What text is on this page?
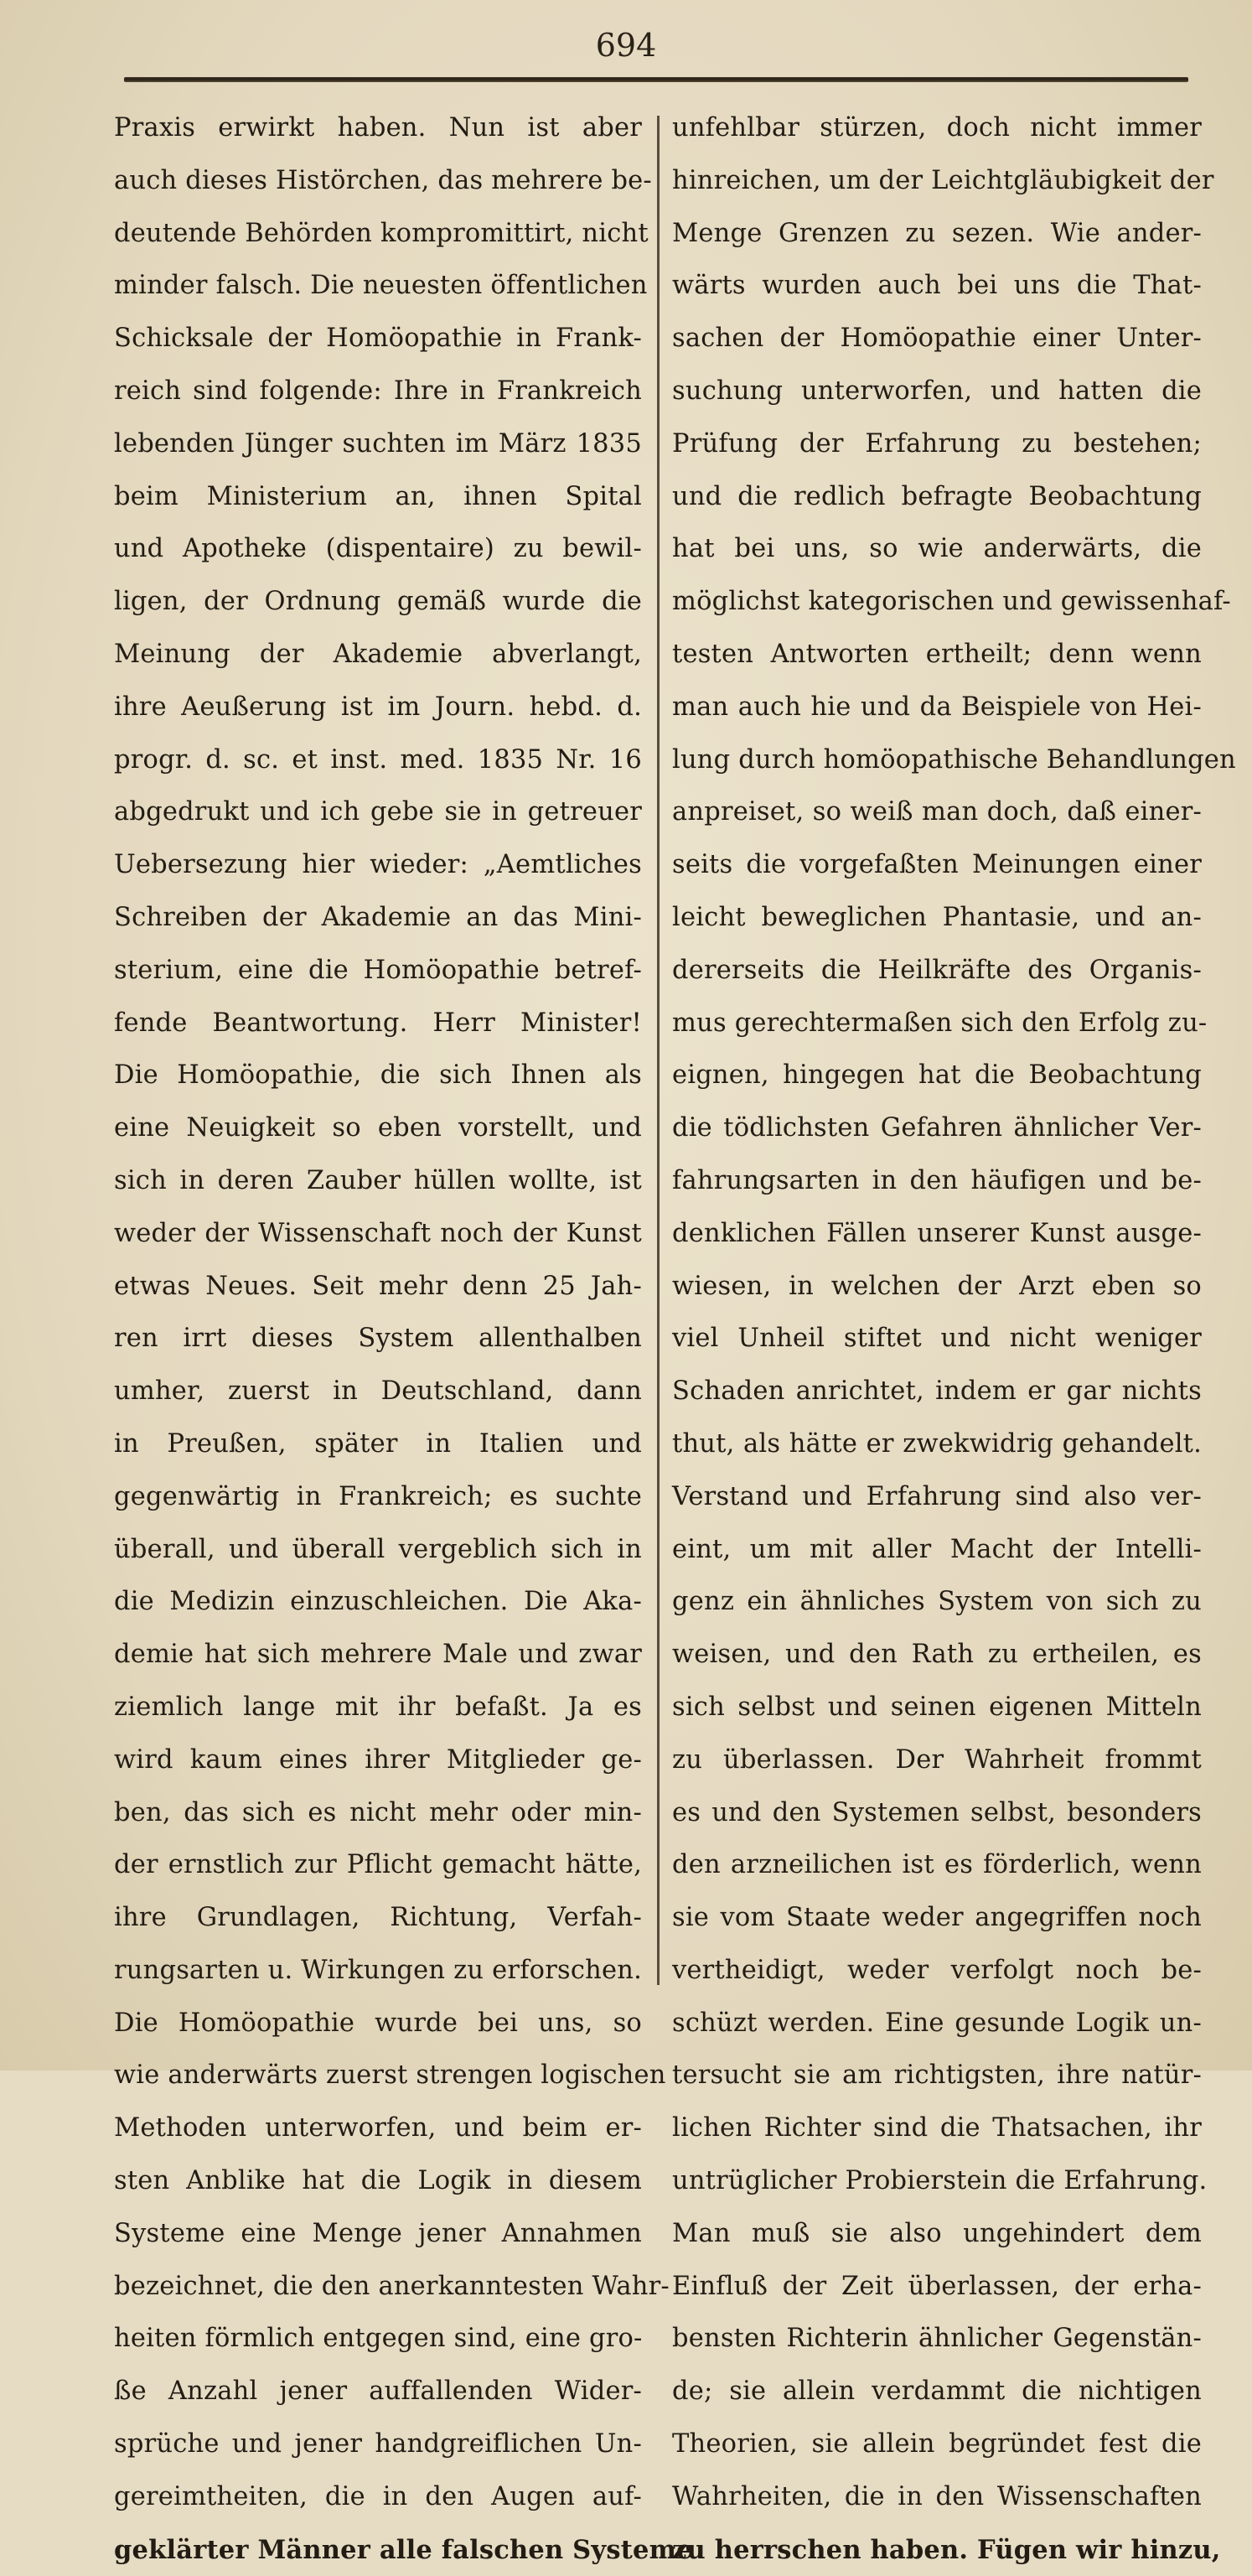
694
Praxis erwirkt haben. Nun ist aber
auch dieses Histörchen, das mehrere be-
deutende Behörden kompromittirt, nicht
minder falsch. Die neuesten öffentlichen
Schicksale der Homöopathie in Frank-
reich sind folgende: Ihre in Frankreich
lebenden Jünger suchten im März 1835
beim Ministerium an, ihnen Spital
und Apotheke (dispentaire) zu bewil-
ligen, der Ordnung gemäß wurde die
Meinung der Akademie abverlangt,
ihre Aeußerung ist im Journ. hebd. d.
progr. d. sc. et inst. med. 1835 Nr. 16
abgedrukt und ich gebe sie in getreuer
Uebersezung hier wieder: „Aemtliches
Schreiben der Akademie an das Mini-
sterium, eine die Homöopathie betref-
fende Beantwortung. Herr Minister!
Die Homöopathie, die sich Ihnen als
eine Neuigkeit so eben vorstellt, und
sich in deren Zauber hüllen wollte, ist
weder der Wissenschaft noch der Kunst
etwas Neues. Seit mehr denn 25 Jah-
ren irrt dieses System allenthalben
umher, zuerst in Deutschland, dann
in Preußen, später in Italien und
gegenwärtig in Frankreich; es suchte
überall, und überall vergeblich sich in
die Medizin einzuschleichen. Die Aka-
demie hat sich mehrere Male und zwar
ziemlich lange mit ihr befaßt. Ja es
wird kaum eines ihrer Mitglieder ge-
ben, das sich es nicht mehr oder min-
der ernstlich zur Pflicht gemacht hätte,
ihre Grundlagen, Richtung, Verfah-
rungsarten u. Wirkungen zu erforschen.
Die Homöopathie wurde bei uns, so
wie anderwärts zuerst strengen logischen
Methoden unterworfen, und beim er-
sten Anblike hat die Logik in diesem
Systeme eine Menge jener Annahmen
bezeichnet, die den anerkanntesten Wahr-
heiten förmlich entgegen sind, eine gro-
ße Anzahl jener auffallenden Wider-
sprüche und jener handgreiflichen Un-
gereimtheiten, die in den Augen auf-
geklärter Männer alle falschen Systeme
unfehlbar stürzen, doch nicht immer
hinreichen, um der Leichtgläubigkeit der
Menge Grenzen zu sezen. Wie ander-
wärts wurden auch bei uns die That-
sachen der Homöopathie einer Unter-
suchung unterworfen, und hatten die
Prüfung der Erfahrung zu bestehen;
und die redlich befragte Beobachtung
hat bei uns, so wie anderwärts, die
möglichst kategorischen und gewissenhaf-
testen Antworten ertheilt; denn wenn
man auch hie und da Beispiele von Hei-
lung durch homöopathische Behandlungen
anpreiset, so weiß man doch, daß einer-
seits die vorgefaßten Meinungen einer
leicht beweglichen Phantasie, und an-
dererseits die Heilkräfte des Organis-
mus gerechtermaßen sich den Erfolg zu-
eignen, hingegen hat die Beobachtung
die tödlichsten Gefahren ähnlicher Ver-
fahrungsarten in den häufigen und be-
denklichen Fällen unserer Kunst ausge-
wiesen, in welchen der Arzt eben so
viel Unheil stiftet und nicht weniger
Schaden anrichtet, indem er gar nichts
thut, als hätte er zwekwidrig gehandelt.
Verstand und Erfahrung sind also ver-
eint, um mit aller Macht der Intelli-
genz ein ähnliches System von sich zu
weisen, und den Rath zu ertheilen, es
sich selbst und seinen eigenen Mitteln
zu überlassen. Der Wahrheit frommt
es und den Systemen selbst, besonders
den arzneilichen ist es förderlich, wenn
sie vom Staate weder angegriffen noch
vertheidigt, weder verfolgt noch be-
schüzt werden. Eine gesunde Logik un-
tersucht sie am richtigsten, ihre natür-
lichen Richter sind die Thatsachen, ihr
untrüglicher Probierstein die Erfahrung.
Man muß sie also ungehindert dem
Einfluß der Zeit überlassen, der erha-
bensten Richterin ähnlicher Gegenstän-
de; sie allein verdammt die nichtigen
Theorien, sie allein begründet fest die
Wahrheiten, die in den Wissenschaften
zu herrschen haben. Fügen wir hinzu,
